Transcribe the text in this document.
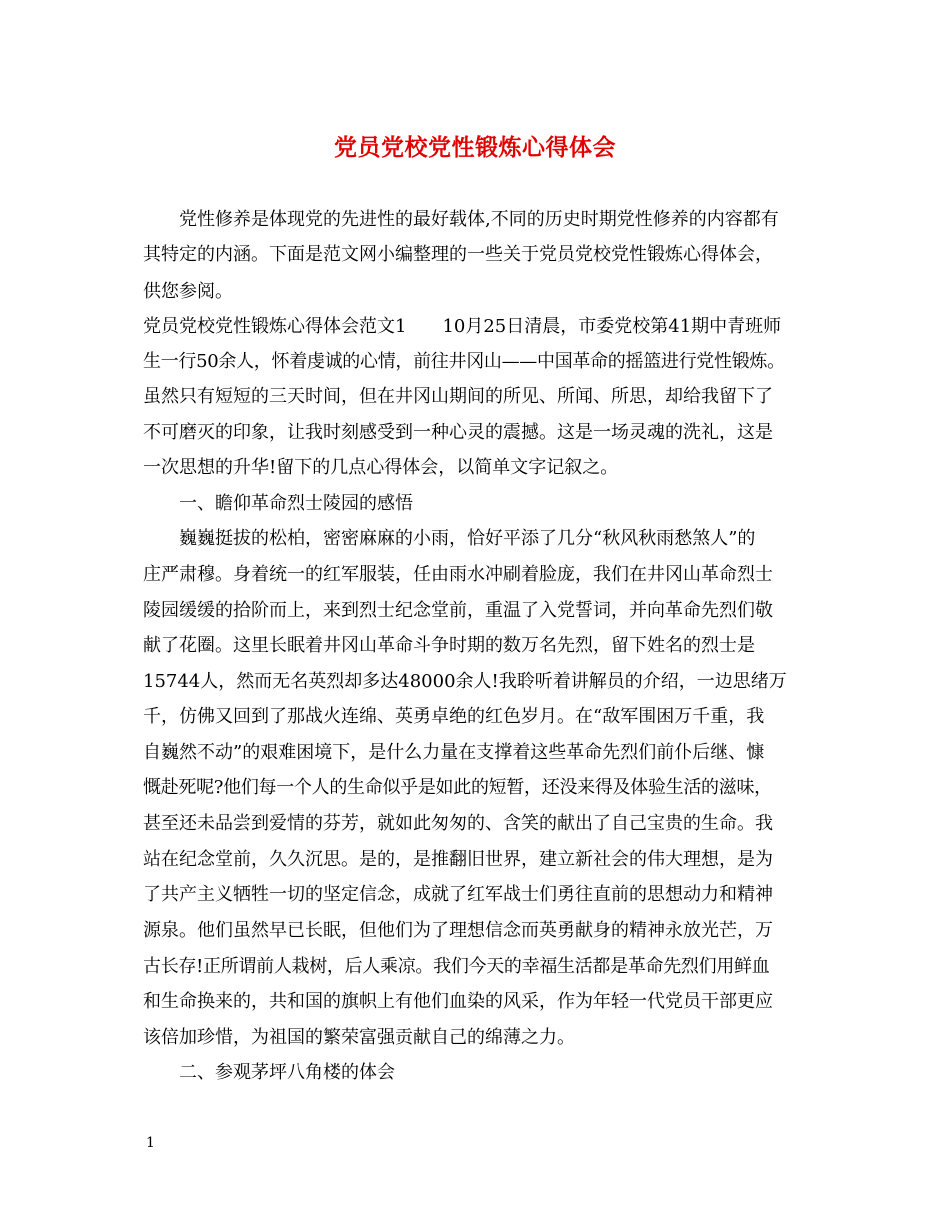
党员党校党性锻炼心得体会
党性修养是体现党的先进性的最好载体,不同的历史时期党性修养的内容都有
其特定的内涵。下面是范文网小编整理的一些关于党员党校党性锻炼心得体会，
供您参阅。
党员党校党性锻炼心得体会范文1　　10月25日清晨，市委党校第41期中青班师
生一行50余人，怀着虔诚的心情，前往井冈山——中国革命的摇篮进行党性锻炼。
虽然只有短短的三天时间，但在井冈山期间的所见、所闻、所思，却给我留下了
不可磨灭的印象，让我时刻感受到一种心灵的震撼。这是一场灵魂的洗礼，这是
一次思想的升华!留下的几点心得体会，以简单文字记叙之。
一、瞻仰革命烈士陵园的感悟
巍巍挺拔的松柏，密密麻麻的小雨，恰好平添了几分“秋风秋雨愁煞人”的
庄严肃穆。身着统一的红军服装，任由雨水冲刷着脸庞，我们在井冈山革命烈士
陵园缓缓的拾阶而上，来到烈士纪念堂前，重温了入党誓词，并向革命先烈们敬
献了花圈。这里长眠着井冈山革命斗争时期的数万名先烈，留下姓名的烈士是
15744人，然而无名英烈却多达48000余人!我聆听着讲解员的介绍，一边思绪万
千，仿佛又回到了那战火连绵、英勇卓绝的红色岁月。在“敌军围困万千重，我
自巍然不动”的艰难困境下，是什么力量在支撑着这些革命先烈们前仆后继、慷
慨赴死呢?他们每一个人的生命似乎是如此的短暂，还没来得及体验生活的滋味，
甚至还未品尝到爱情的芬芳，就如此匆匆的、含笑的献出了自己宝贵的生命。我
站在纪念堂前，久久沉思。是的，是推翻旧世界，建立新社会的伟大理想，是为
了共产主义牺牲一切的坚定信念，成就了红军战士们勇往直前的思想动力和精神
源泉。他们虽然早已长眠，但他们为了理想信念而英勇献身的精神永放光芒，万
古长存!正所谓前人栽树，后人乘凉。我们今天的幸福生活都是革命先烈们用鲜血
和生命换来的，共和国的旗帜上有他们血染的风采，作为年轻一代党员干部更应
该倍加珍惜，为祖国的繁荣富强贡献自己的绵薄之力。
二、参观茅坪八角楼的体会
1
